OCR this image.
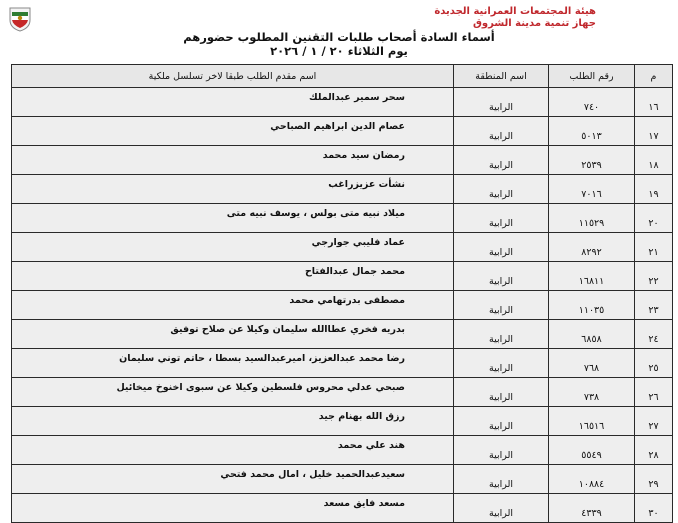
هيئة المجتمعات العمرانية الجديدة
جهاز تنمية مدينة الشروق
أسماء السادة أصحاب طلبات التقنين المطلوب حضورهم
يوم الثلاثاء ٢٠ / ١ / ٢٠٢٦
م	رقم الطلب	اسم المنطقة	اسم مقدم الطلب طبقا لاخر تسلسل ملكية
١٦	٧٤٠	الرابية	سحر سمير عبدالملك
١٧	٥٠١٣	الرابية	عصام الدين ابراهيم الصباحي
١٨	٢٥٣٩	الرابية	رمضان سيد محمد
١٩	٧٠١٦	الرابية	نشأت عزيزراغب
٢٠	١١٥٢٩	الرابية	ميلاد نبيه متى بولس ، يوسف نبيه متى
٢١	٨٢٩٢	الرابية	عماد فليبي جوارجي
٢٢	١٦٨١١	الرابية	محمد جمال عبدالفتاح
٢٣	١١٠٣٥	الرابية	مصطفى بدرتهامي محمد
٢٤	٦٨٥٨	الرابية	بدريه فخري عطاالله سليمان وكيلا عن صلاح توفيق
٢٥	٧٦٨	الرابية	رضا محمد عبدالعزيز، اميرعبدالسيد بسطا ، حاتم توني سليمان
٢٦	٧٣٨	الرابية	صبحي عدلي محروس فلسطين وكيلا عن سبوى اخنوخ ميخائيل
٢٧	١٦٥١٦	الرابية	رزق الله بهنام جيد
٢٨	٥٥٤٩	الرابية	هند علي محمد
٢٩	١٠٨٨٤	الرابية	سعيدعبدالحميد خليل ، امال محمد فتحي
٣٠	٤٣٣٩	الرابية	مسعد فايق مسعد
